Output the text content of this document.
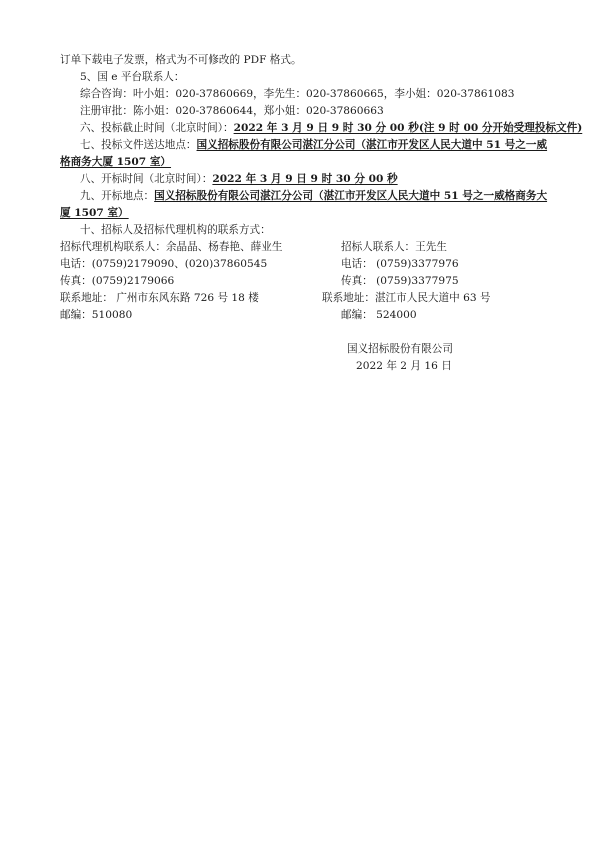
订单下载电子发票，格式为不可修改的 PDF 格式。
5、国 e 平台联系人：
综合咨询：叶小姐：020-37860669，李先生：020-37860665，李小姐：020-37861083
注册审批：陈小姐：020-37860644，郑小姐：020-37860663
六、投标截止时间（北京时间）：2022 年 3 月 9 日 9 时 30 分 00 秒(注 9 时 00 分开始受理投标文件)
七、投标文件送达地点：国义招标股份有限公司湛江分公司（湛江市开发区人民大道中 51 号之一威
格商务大厦 1507 室）
八、开标时间（北京时间）：2022 年 3 月 9 日 9 时 30 分 00 秒
九、开标地点：国义招标股份有限公司湛江分公司（湛江市开发区人民大道中 51 号之一威格商务大
厦 1507 室）
十、招标人及招标代理机构的联系方式：
招标代理机构联系人：余晶晶、杨春艳、薛业生
电话：(0759)2179090、(020)37860545
传真：(0759)2179066
联系地址： 广州市东风东路 726 号 18 楼
邮编：510080
招标人联系人：王先生
电话： (0759)3377976
传真： (0759)3377975
联系地址：湛江市人民大道中 63 号
邮编： 524000
国义招标股份有限公司
2022 年 2 月 16 日
